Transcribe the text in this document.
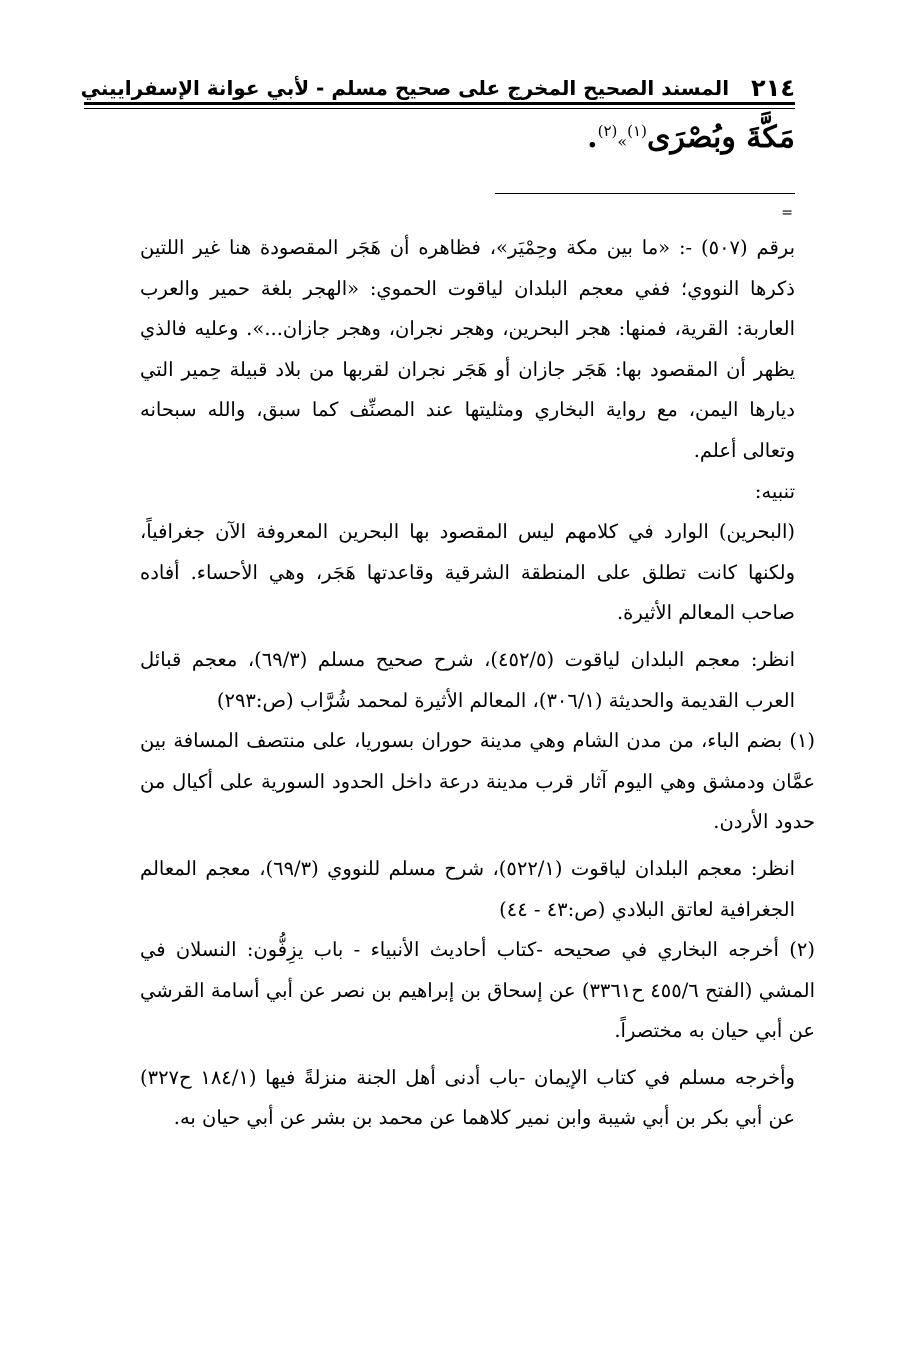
٢١٤
المسند الصحيح المخرج على صحيح مسلم - لأبي عوانة الإسفراييني
مَكَّةَ وبُصْرَى$^{(١)}$»$^{(٢)}$.
=

برقم (٥٠٧) -: «ما بين مكة وحِمْيَر»، فظاهره أن هَجَر المقصودة هنا غير اللتين ذكرها النووي؛ ففي معجم البلدان لياقوت الحموي: «الهجر بلغة حمير والعرب العاربة: القرية، فمنها: هجر البحرين، وهجر نجران، وهجر جازان...». وعليه فالذي يظهر أن المقصود بها: هَجَر جازان أو هَجَر نجران لقربها من بلاد قبيلة حِمير التي ديارها اليمن، مع رواية البخاري ومثليتها عند المصنِّف كما سبق، والله سبحانه وتعالى أعلم.

تنبيه:

(البحرين) الوارد في كلامهم ليس المقصود بها البحرين المعروفة الآن جغرافياً، ولكنها كانت تطلق على المنطقة الشرقية وقاعدتها هَجَر، وهي الأحساء. أفاده صاحب المعالم الأثيرة.

انظر: معجم البلدان لياقوت (٤٥٢/٥)، شرح صحيح مسلم (٦٩/٣)، معجم قبائل العرب القديمة والحديثة (٣٠٦/١)، المعالم الأثيرة لمحمد شُرَّاب (ص:٢٩٣)

(١) بضم الباء، من مدن الشام وهي مدينة حوران بسوريا، على منتصف المسافة بين عمَّان ودمشق وهي اليوم آثار قرب مدينة درعة داخل الحدود السورية على أكيال من حدود الأردن.

انظر: معجم البلدان لياقوت (٥٢٢/١)، شرح مسلم للنووي (٦٩/٣)، معجم المعالم الجغرافية لعاتق البلادي (ص:٤٣ - ٤٤)

(٢) أخرجه البخاري في صحيحه -كتاب أحاديث الأنبياء - باب يزِفُّون: النسلان في المشي (الفتح ٤٥٥/٦ ح٣٣٦١) عن إسحاق بن إبراهيم بن نصر عن أبي أسامة القرشي عن أبي حيان به مختصراً.

وأخرجه مسلم في كتاب الإيمان -باب أدنى أهل الجنة منزلةً فيها (١٨٤/١ ح٣٢٧) عن أبي بكر بن أبي شيبة وابن نمير كلاهما عن محمد بن بشر عن أبي حيان به.
